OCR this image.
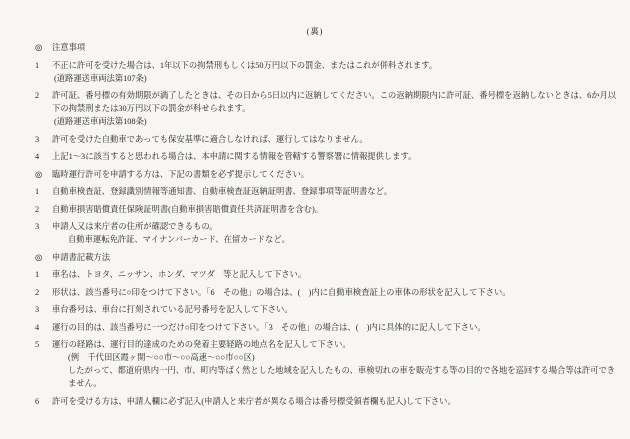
(裏)
◎	注意事項

1	不正に許可を受けた場合は、1年以下の拘禁刑もしくは50万円以下の罰金、またはこれが併科されます。

(道路運送車両法第107条)

2	許可証、番号標の有効期限が満了したときは、その日から5日以内に返納してください。この返納期限内に許可証、番号標を返納しないときは、6か月以下の拘禁刑または30万円以下の罰金が科せられます。

(道路運送車両法第108条)

3	許可を受けた自動車であっても保安基準に適合しなければ、運行してはなりません。

4	上記1～3に該当すると思われる場合は、本申請に関する情報を管轄する警察署に情報提供します。

◎	臨時運行許可を申請する方は、下記の書類を必ず提示してください。

1	自動車検査証、登録識別情報等通知書、自動車検査証返納証明書、登録事項等証明書など。

2	自動車損害賠償責任保険証明書(自動車損害賠償責任共済証明書を含む)。

3	申請人又は来庁者の住所が確認できるもの。

自動車運転免許証、マイナンバーカード、在留カードなど。

◎	申請書記載方法

1	車名は、トヨタ、ニッサン、ホンダ、マツダ　等と記入して下さい。

2	形状は、該当番号に○印をつけて下さい。「6　その他」の場合は、(　)内に自動車検査証上の車体の形状を記入して下さい。

3	車台番号は、車台に打刻されている記号番号を記入して下さい。

4	運行の目的は、該当番号に一つだけ○印をつけて下さい。「3　その他」の場合は、(　)内に具体的に記入して下さい。

5	運行の経路は、運行目的達成のための発着主要経路の地点名を記入して下さい。

(例　千代田区霞ヶ関～○○市～○○高速～○○市○○区)

したがって、都道府県内一円、市、町内等ばく然とした地域を記入したもの、車検切れの車を販売する等の目的で各地を巡回する場合等は許可できません。

6	許可を受ける方は、申請人欄に必ず記入(申請人と来庁者が異なる場合は番号標受領者欄も記入)して下さい。
